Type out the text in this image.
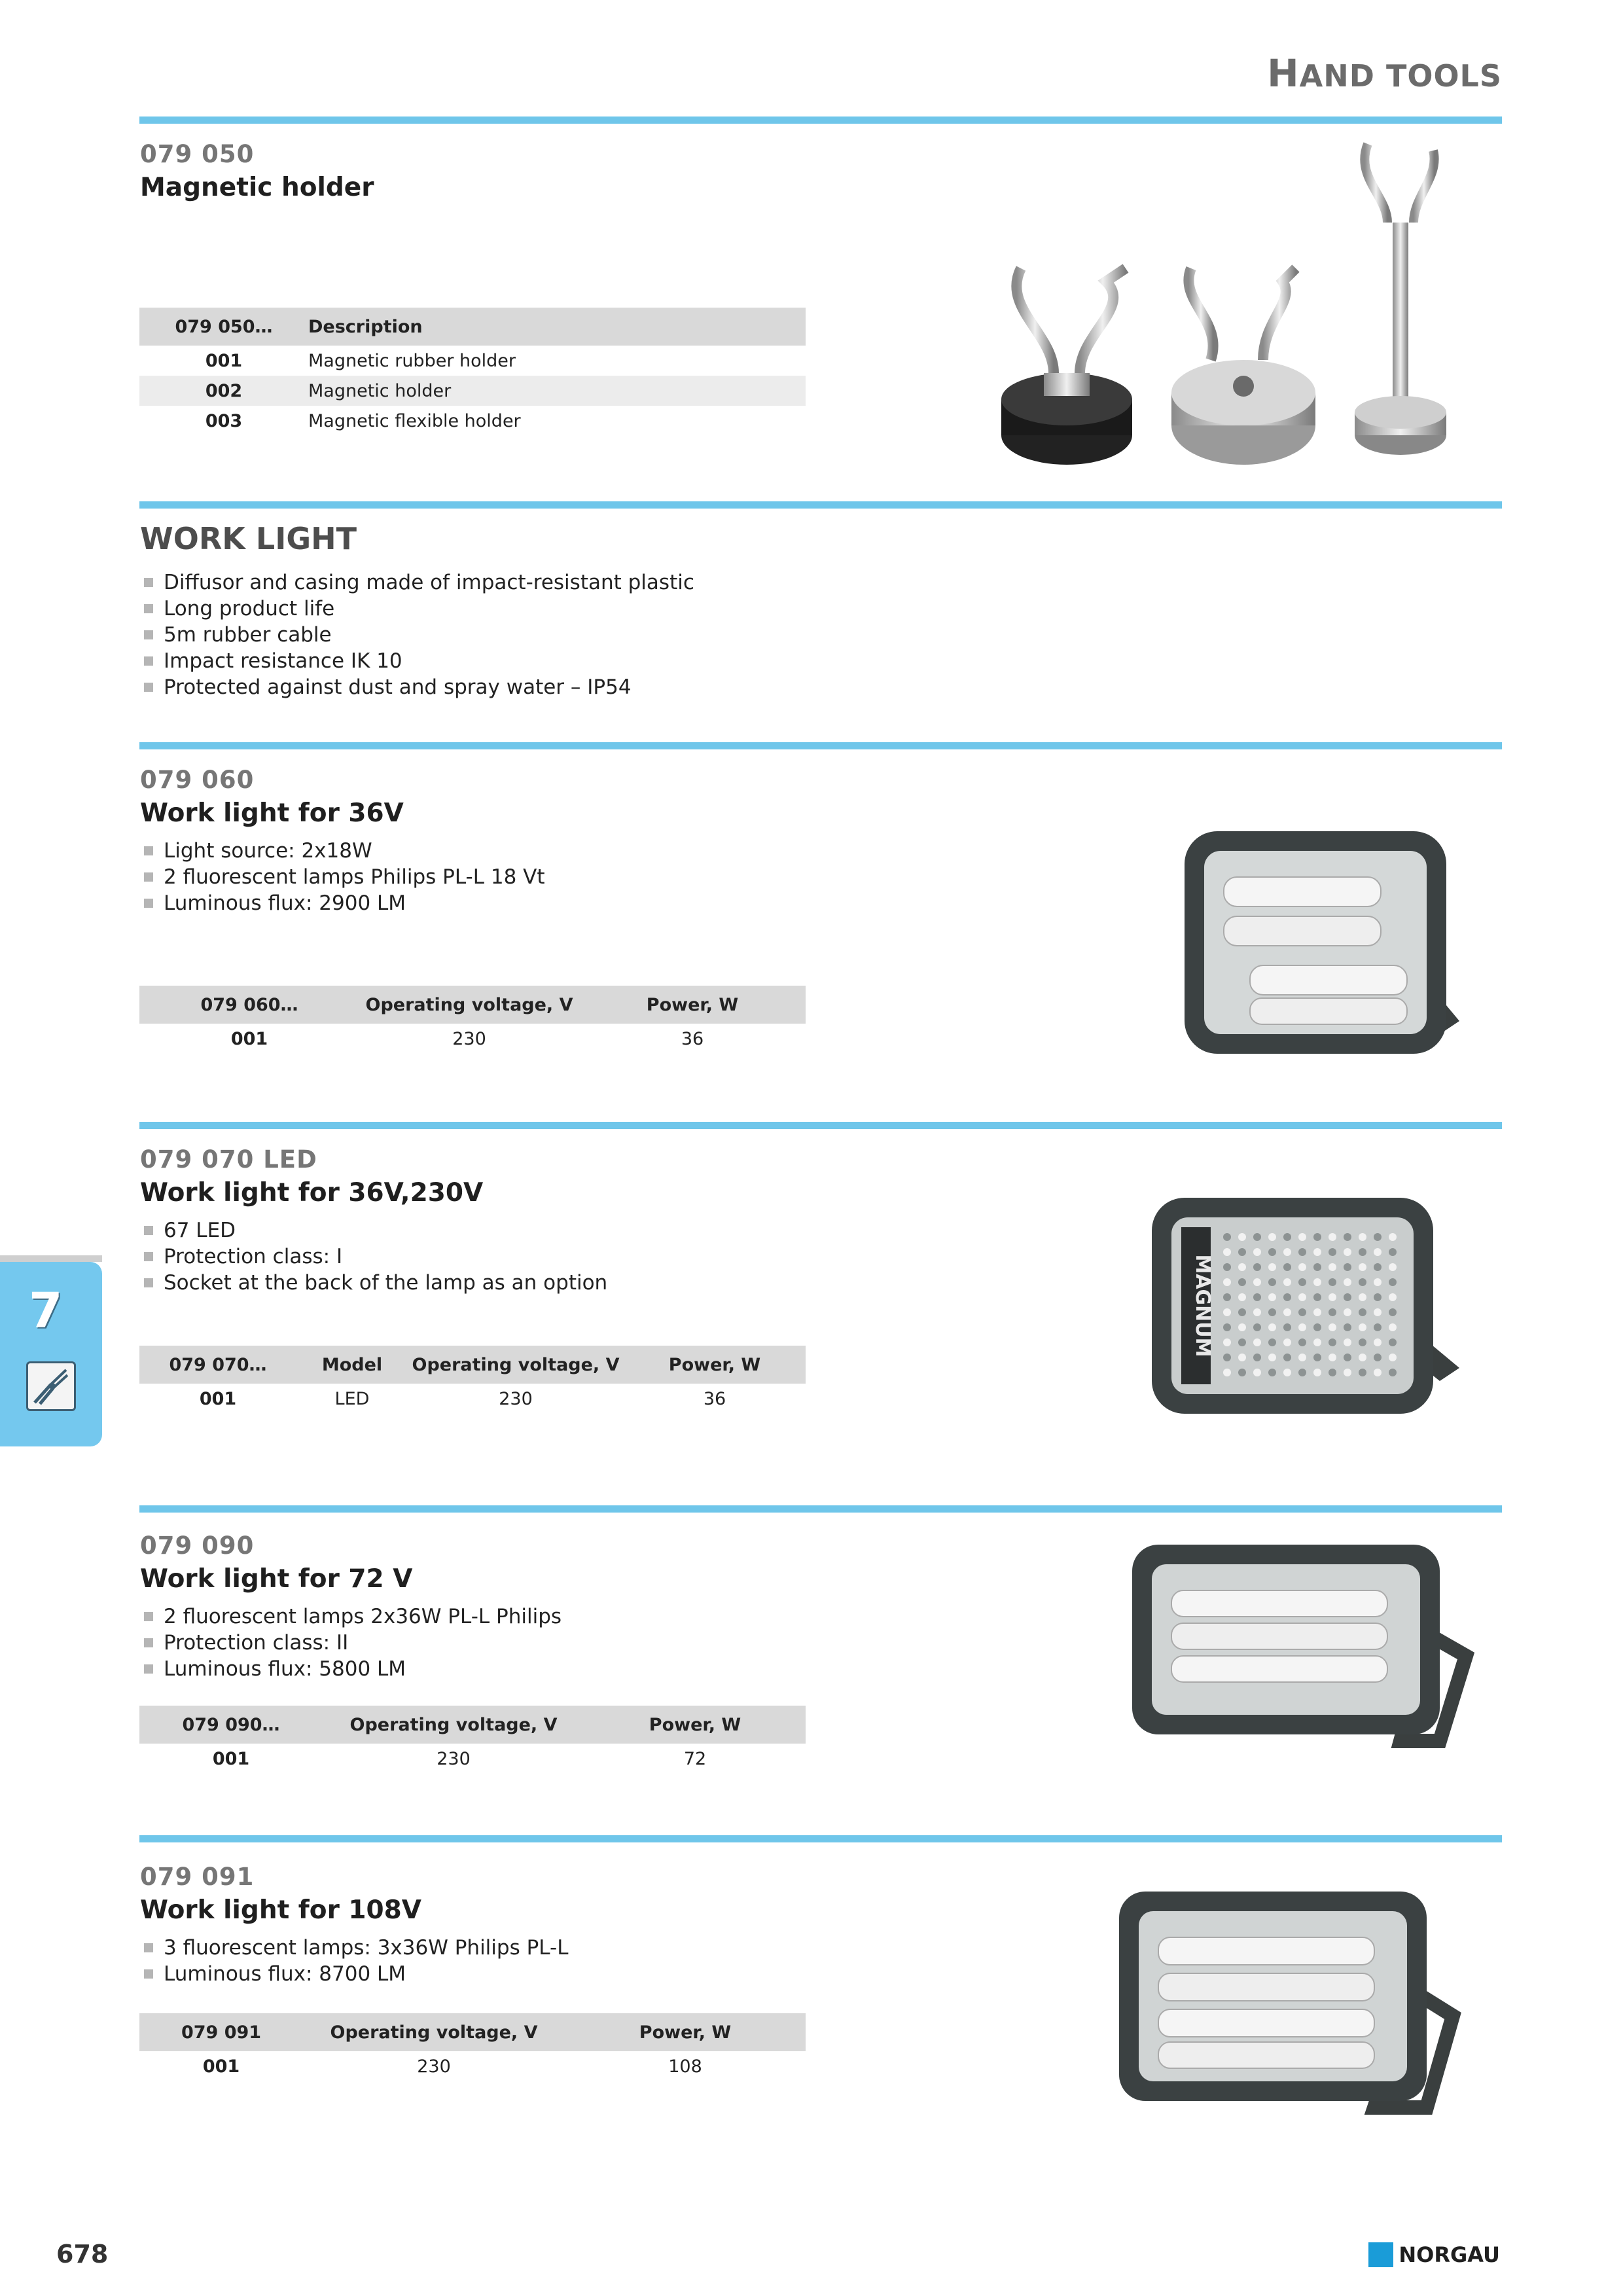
HAND TOOLS
079 050
Magnetic holder
079 050…	Description
001	Magnetic rubber holder
002	Magnetic holder
003	Magnetic flexible holder
WORK LIGHT
Diffusor and casing made of impact-resistant plastic
Long product life
5m rubber cable
Impact resistance IK 10
Protected against dust and spray water – IP54
079 060
Work light for 36V
Light source: 2x18W
2 fluorescent lamps Philips PL-L 18 Vt
Luminous flux: 2900 LM
079 060…	Operating voltage, V	Power, W
001	230	36
079 070 LED
Work light for 36V,230V
67 LED
Protection class: I
Socket at the back of the lamp as an option
079 070…	Model	Operating voltage, V	Power, W
001	LED	230	36
MAGNUM
079 090
Work light for 72 V
2 fluorescent lamps 2x36W PL-L Philips
Protection class: II
Luminous flux: 5800 LM
079 090…	Operating voltage, V	Power, W
001	230	72
079 091
Work light for 108V
3 fluorescent lamps: 3x36W Philips PL-L
Luminous flux: 8700 LM
079 091	Operating voltage, V	Power, W
001	230	108
7
678	NORGAU
